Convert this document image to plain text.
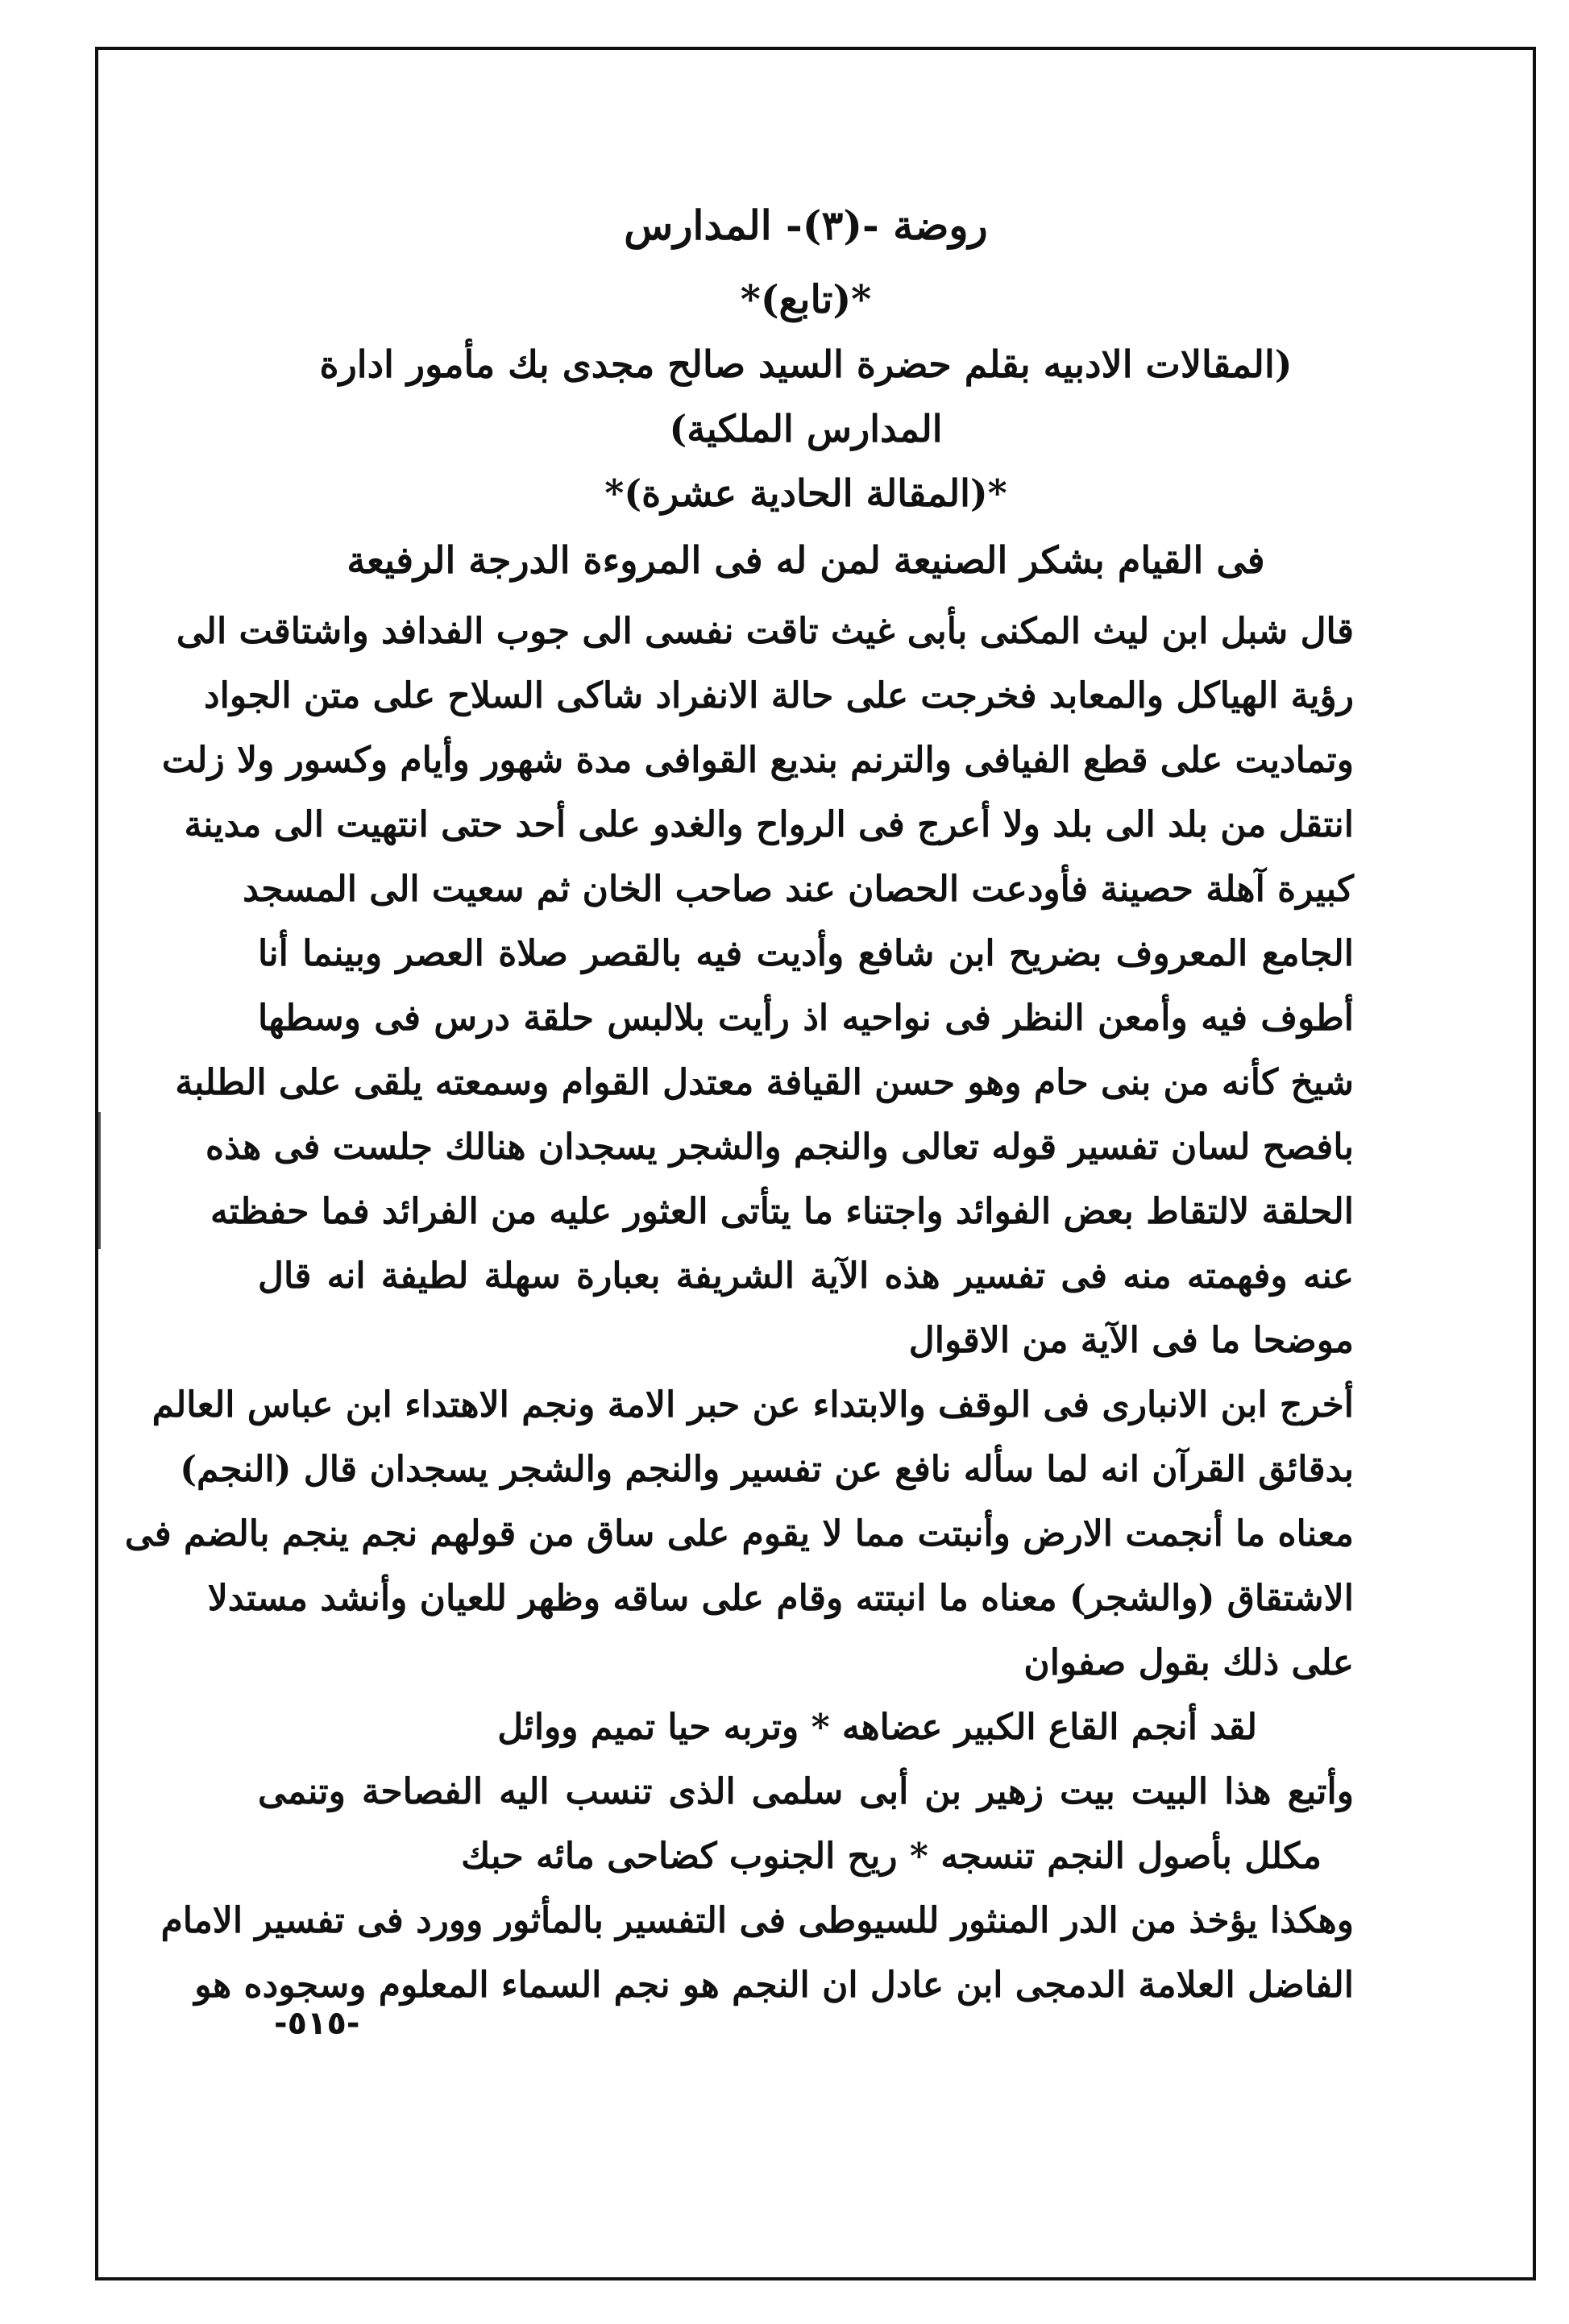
روضة -(٣)- المدارس
*(تابع)*
(المقالات الادبيه بقلم حضرة السيد صالح مجدى بك مأمور ادارة المدارس الملكية)
*(المقالة الحادية عشرة)*
فى القيام بشكر الصنيعة لمن له فى المروءة الدرجة الرفيعة
قال شبل ابن ليث المكنى بأبى غيث تاقت نفسى الى جوب الفدافد واشتاقت الى
رؤية الهياكل والمعابد فخرجت على حالة الانفراد شاكى السلاح على متن الجواد
وتماديت على قطع الفيافى والترنم بنديع القوافى مدة شهور وأيام وكسور ولا زلت
انتقل من بلد الى بلد ولا أعرج فى الرواح والغدو على أحد حتى انتهيت الى مدينة
كبيرة آهلة حصينة فأودعت الحصان عند صاحب الخان ثم سعيت الى المسجد
الجامع المعروف بضريح ابن شافع وأديت فيه بالقصر صلاة العصر وبينما أنا
أطوف فيه وأمعن النظر فى نواحيه اذ رأيت بلالبس حلقة درس فى وسطها
شيخ كأنه من بنى حام وهو حسن القيافة معتدل القوام وسمعته يلقى على الطلبة
بافصح لسان تفسير قوله تعالى والنجم والشجر يسجدان هنالك جلست فى هذه
الحلقة لالتقاط بعض الفوائد واجتناء ما يتأتى العثور عليه من الفرائد فما حفظته
عنه وفهمته منه فى تفسير هذه الآية الشريفة بعبارة سهلة لطيفة انه قال
موضحا ما فى الآية من الاقوال
أخرج ابن الانبارى فى الوقف والابتداء عن حبر الامة ونجم الاهتداء ابن عباس العالم
بدقائق القرآن انه لما سأله نافع عن تفسير والنجم والشجر يسجدان قال (النجم)
معناه ما أنجمت الارض وأنبتت مما لا يقوم على ساق من قولهم نجم ينجم بالضم فى
الاشتقاق (والشجر) معناه ما انبتته وقام على ساقه وظهر للعيان وأنشد مستدلا
على ذلك بقول صفوان
لقد أنجم القاع الكبير عضاهه * وتربه حيا تميم ووائل
وأتبع هذا البيت بيت زهير بن أبى سلمى الذى تنسب اليه الفصاحة وتنمى
مكلل بأصول النجم تنسجه * ريح الجنوب كضاحى مائه حبك
وهكذا يؤخذ من الدر المنثور للسيوطى فى التفسير بالمأثور وورد فى تفسير الامام
الفاضل العلامة الدمجى ابن عادل ان النجم هو نجم السماء المعلوم وسجوده هو
-٥١٥-
